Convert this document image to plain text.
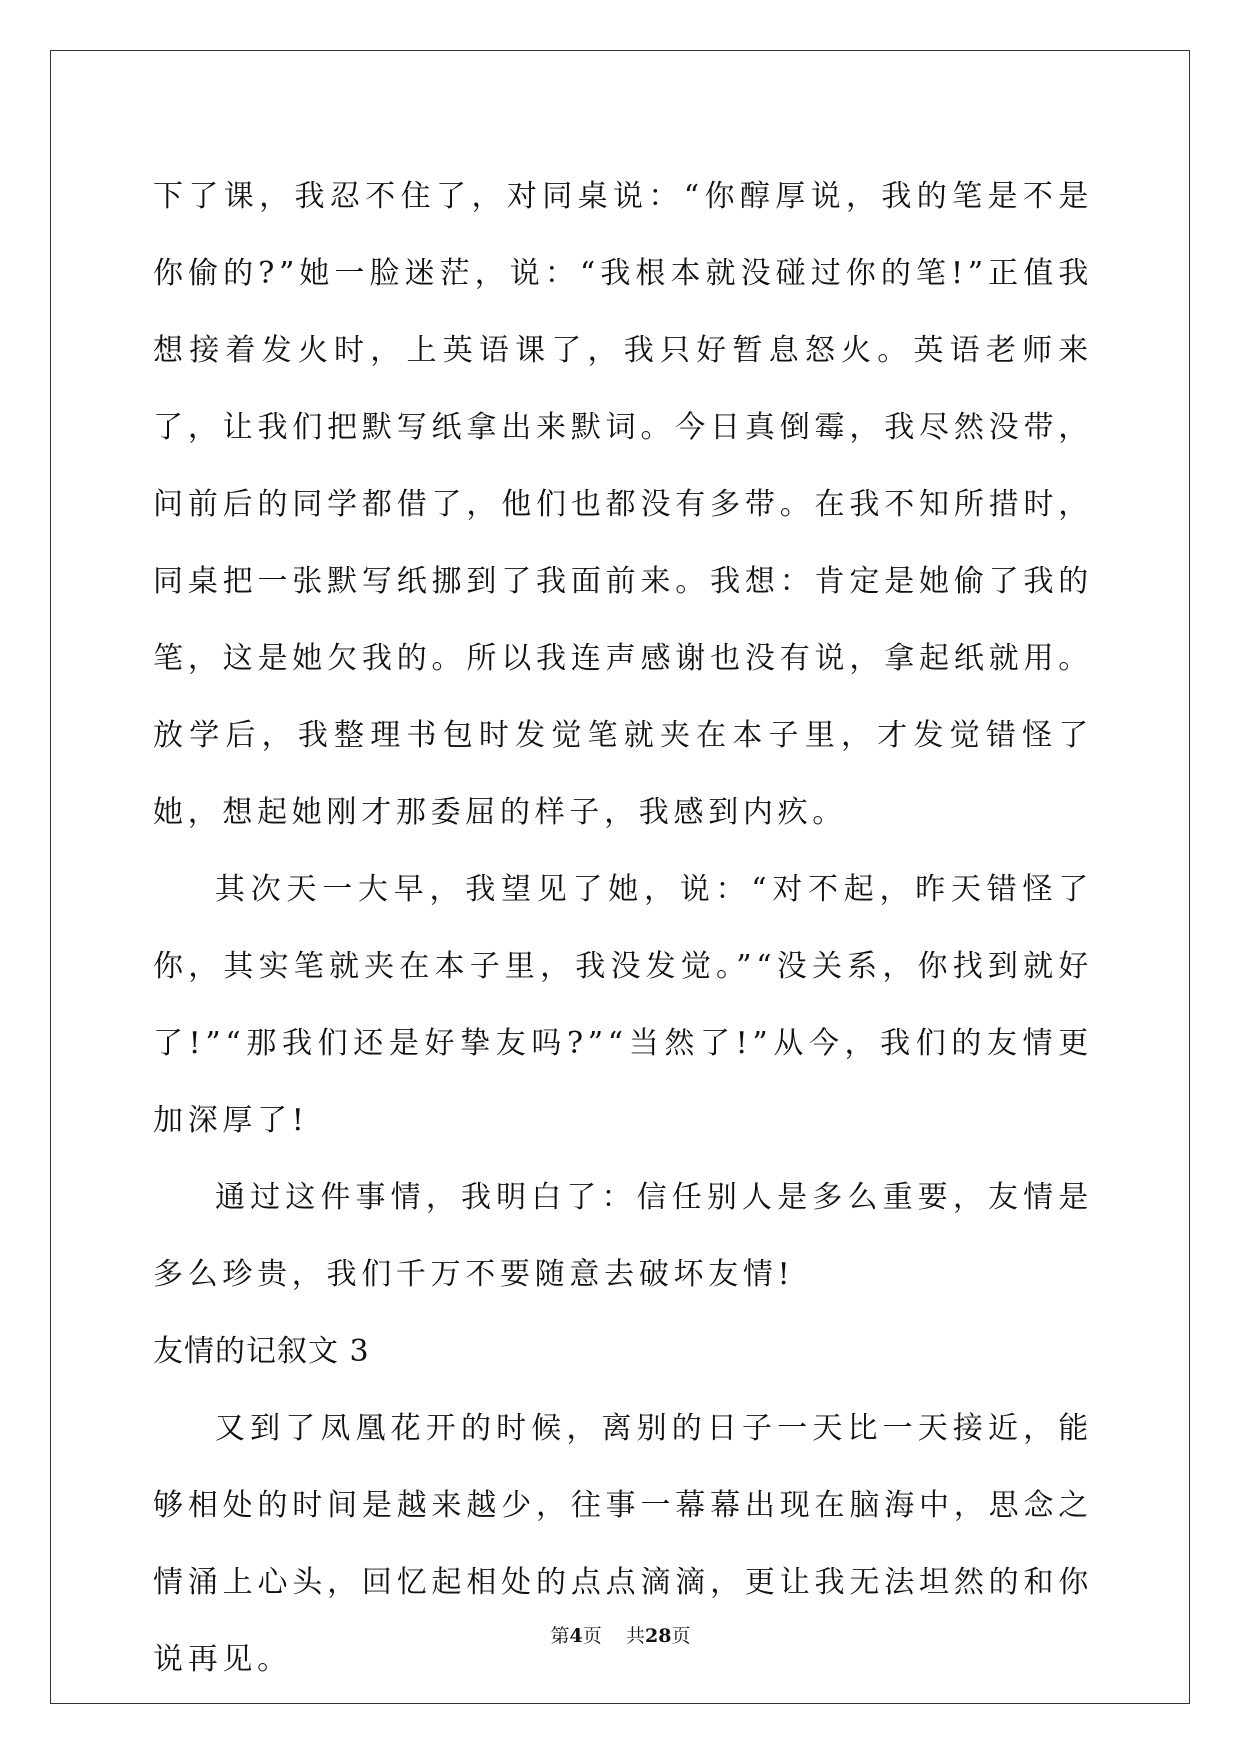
下了课，我忍不住了，对同桌说：“你醇厚说，我的笔是不是你偷的?”她一脸迷茫，说：“我根本就没碰过你的笔!”正值我想接着发火时，上英语课了，我只好暂息怒火。英语老师来了，让我们把默写纸拿出来默词。今日真倒霉，我尽然没带，问前后的同学都借了，他们也都没有多带。在我不知所措时，同桌把一张默写纸挪到了我面前来。我想：肯定是她偷了我的笔，这是她欠我的。所以我连声感谢也没有说，拿起纸就用。放学后，我整理书包时发觉笔就夹在本子里，才发觉错怪了她，想起她刚才那委屈的样子，我感到内疚。

其次天一大早，我望见了她，说：“对不起，昨天错怪了你，其实笔就夹在本子里，我没发觉。”“没关系，你找到就好了!”“那我们还是好挚友吗?”“当然了!”从今，我们的友情更加深厚了!

通过这件事情，我明白了：信任别人是多么重要，友情是多么珍贵，我们千万不要随意去破坏友情!

友情的记叙文 3

又到了凤凰花开的时候，离别的日子一天比一天接近，能够相处的时间是越来越少，往事一幕幕出现在脑海中，思念之情涌上心头，回忆起相处的点点滴滴，更让我无法坦然的和你说再见。

第4页 共28页
